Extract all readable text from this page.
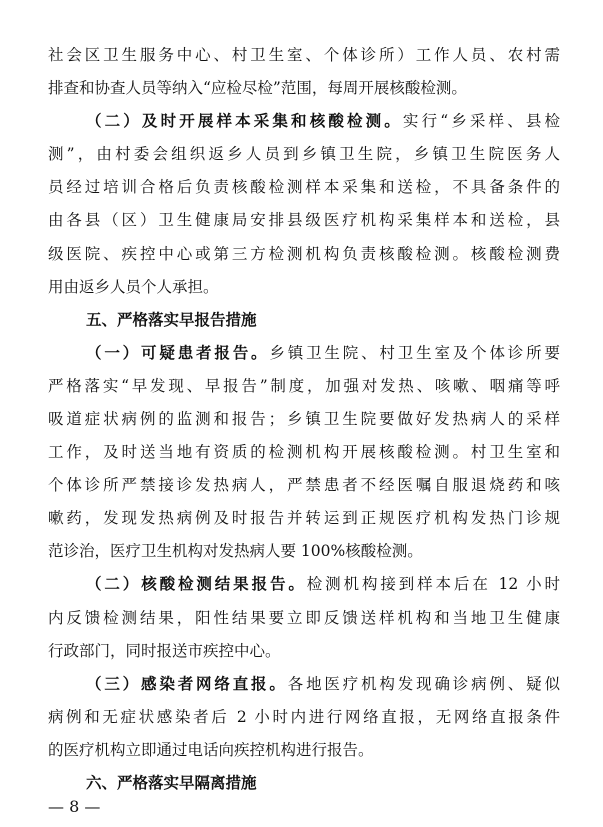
社会区卫生服务中心、村卫生室、个体诊所）工作人员、农村需
排查和协查人员等纳入“应检尽检”范围，每周开展核酸检测。
（二）及时开展样本采集和核酸检测。实行“乡采样、县检
测”，由村委会组织返乡人员到乡镇卫生院，乡镇卫生院医务人
员经过培训合格后负责核酸检测样本采集和送检，不具备条件的
由各县（区）卫生健康局安排县级医疗机构采集样本和送检，县
级医院、疾控中心或第三方检测机构负责核酸检测。核酸检测费
用由返乡人员个人承担。
五、严格落实早报告措施
（一）可疑患者报告。乡镇卫生院、村卫生室及个体诊所要
严格落实“早发现、早报告”制度，加强对发热、咳嗽、咽痛等呼
吸道症状病例的监测和报告；乡镇卫生院要做好发热病人的采样
工作，及时送当地有资质的检测机构开展核酸检测。村卫生室和
个体诊所严禁接诊发热病人，严禁患者不经医嘱自服退烧药和咳
嗽药，发现发热病例及时报告并转运到正规医疗机构发热门诊规
范诊治，医疗卫生机构对发热病人要 100%核酸检测。
（二）核酸检测结果报告。检测机构接到样本后在 12 小时
内反馈检测结果，阳性结果要立即反馈送样机构和当地卫生健康
行政部门，同时报送市疾控中心。
（三）感染者网络直报。各地医疗机构发现确诊病例、疑似
病例和无症状感染者后 2 小时内进行网络直报，无网络直报条件
的医疗机构立即通过电话向疾控机构进行报告。
六、严格落实早隔离措施
— 8 —
